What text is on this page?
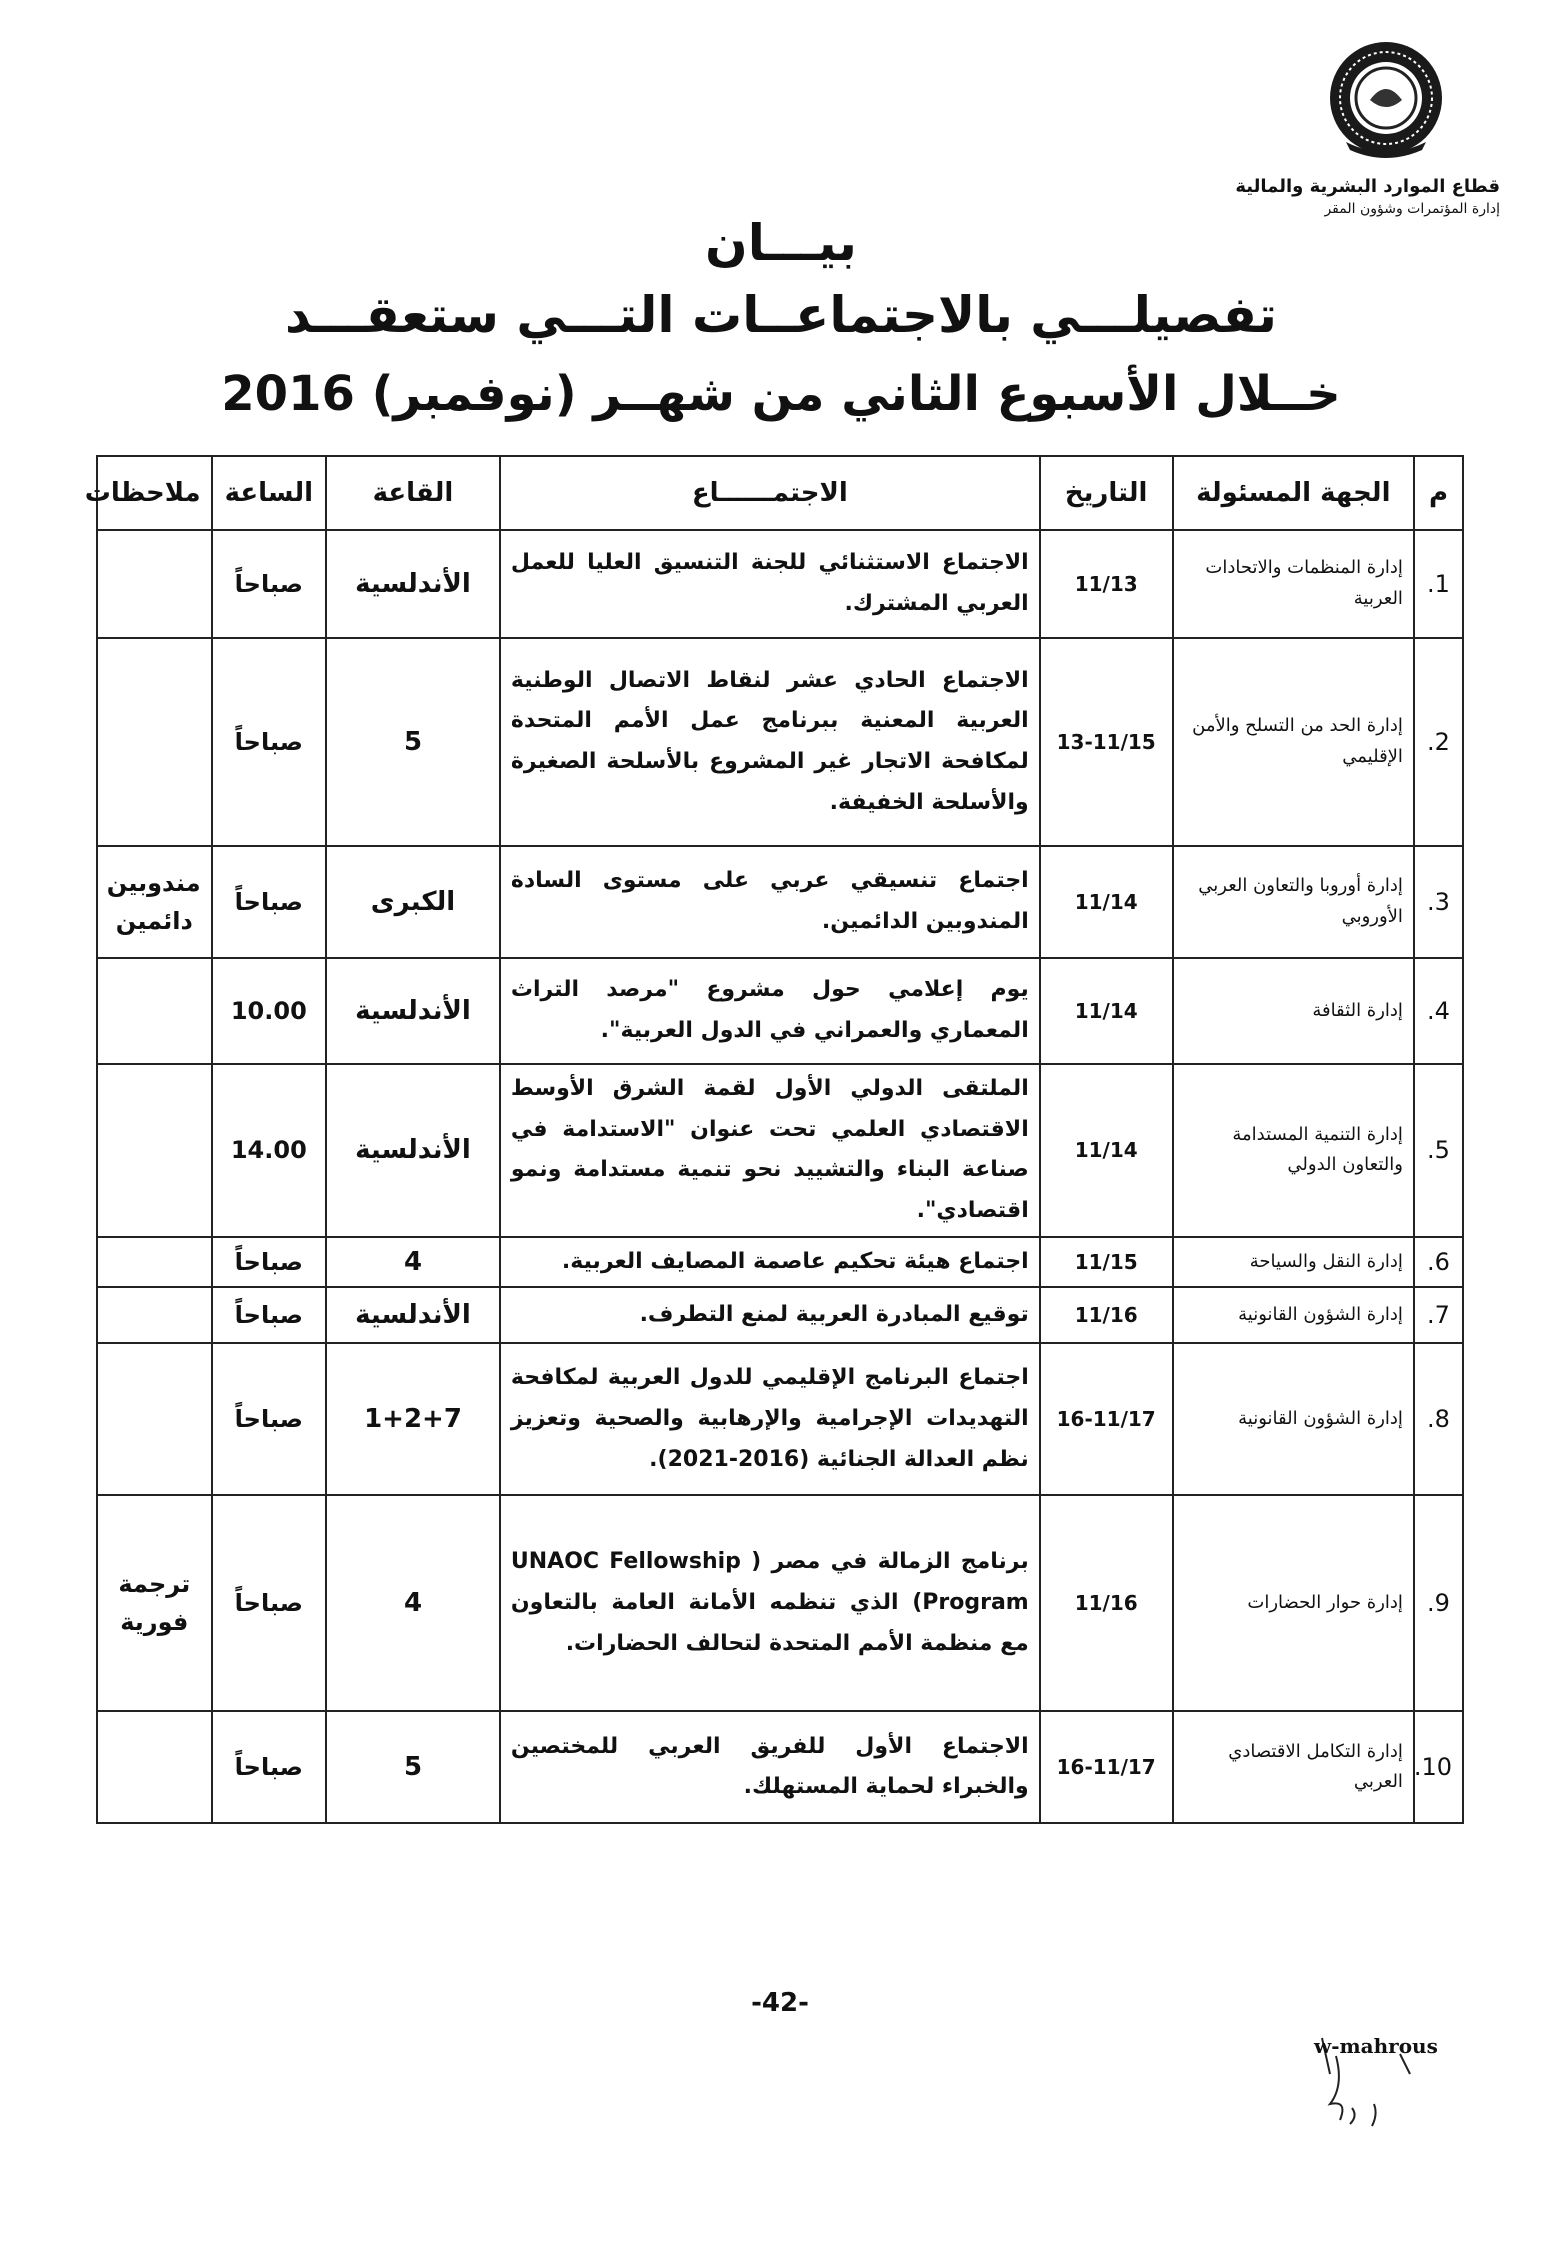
قطاع الموارد البشرية والمالية
إدارة المؤتمرات وشؤون المقر
بيـــان
تفصيلـــي بالاجتماعــات التـــي ستعقـــد
خــلال الأسبوع الثاني من شهــر (نوفمبر) 2016
م	الجهة المسئولة	التاريخ	الاجتمــــــاع	القاعة	الساعة	ملاحظات
1.	إدارة المنظمات والاتحادات العربية	11/13	الاجتماع الاستثنائي للجنة التنسيق العليا للعمل العربي المشترك.	الأندلسية	صباحاً	
2.	إدارة الحد من التسلح والأمن الإقليمي	13-11/15	الاجتماع الحادي عشر لنقاط الاتصال الوطنية العربية المعنية ببرنامج عمل الأمم المتحدة لمكافحة الاتجار غير المشروع بالأسلحة الصغيرة والأسلحة الخفيفة.	5	صباحاً	
3.	إدارة أوروبا والتعاون العربي الأوروبي	11/14	اجتماع تنسيقي عربي على مستوى السادة المندوبين الدائمين.	الكبرى	صباحاً	مندوبين دائمين
4.	إدارة الثقافة	11/14	يوم إعلامي حول مشروع "مرصد التراث المعماري والعمراني في الدول العربية".	الأندلسية	10.00	
5.	إدارة التنمية المستدامة والتعاون الدولي	11/14	الملتقى الدولي الأول لقمة الشرق الأوسط الاقتصادي العلمي تحت عنوان "الاستدامة في صناعة البناء والتشييد نحو تنمية مستدامة ونمو اقتصادي".	الأندلسية	14.00	
6.	إدارة النقل والسياحة	11/15	اجتماع هيئة تحكيم عاصمة المصايف العربية.	4	صباحاً	
7.	إدارة الشؤون القانونية	11/16	توقيع المبادرة العربية لمنع التطرف.	الأندلسية	صباحاً	
8.	إدارة الشؤون القانونية	16-11/17	اجتماع البرنامج الإقليمي للدول العربية لمكافحة التهديدات الإجرامية والإرهابية والصحية وتعزيز نظم العدالة الجنائية (2016-2021).	1+2+7	صباحاً	
9.	إدارة حوار الحضارات	11/16	برنامج الزمالة في مصر ( UNAOC Fellowship Program) الذي تنظمه الأمانة العامة بالتعاون مع منظمة الأمم المتحدة لتحالف الحضارات.	4	صباحاً	ترجمة فورية
10.	إدارة التكامل الاقتصادي العربي	16-11/17	الاجتماع الأول للفريق العربي للمختصين والخبراء لحماية المستهلك.	5	صباحاً	
-42-
w-mahrous
